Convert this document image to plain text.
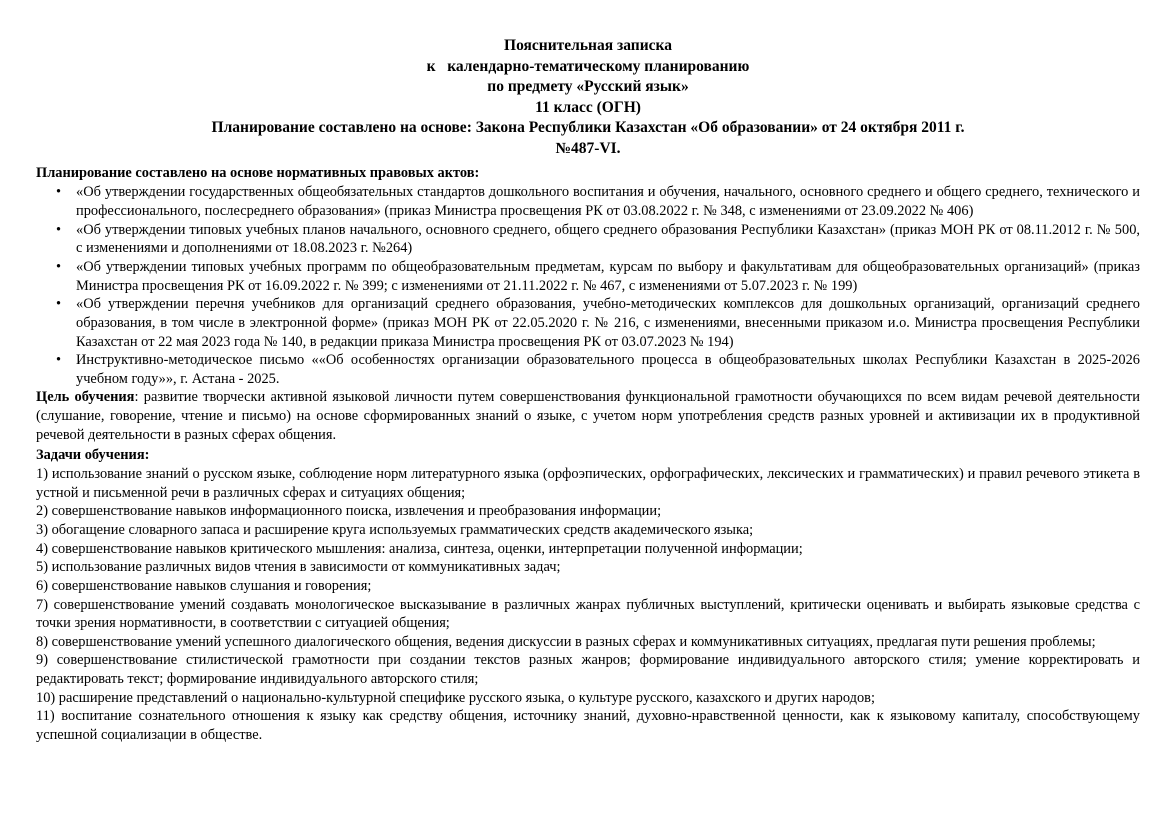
Пояснительная записка
к   календарно-тематическому планированию
по предмету «Русский язык»
11 класс (ОГН)
Планирование составлено на основе: Закона Республики Казахстан «Об образовании» от 24 октября 2011 г.
№487-VI.
Планирование составлено на основе нормативных правовых актов:
• «Об утверждении государственных общеобязательных стандартов дошкольного воспитания и обучения, начального, основного среднего и общего среднего, технического и профессионального, послесреднего образования» (приказ Министра просвещения РК от 03.08.2022 г. № 348, с изменениями от 23.09.2022 № 406)
• «Об утверждении типовых учебных планов начального, основного среднего, общего среднего образования Республики Казахстан» (приказ МОН РК от 08.11.2012 г. № 500, с изменениями и дополнениями от 18.08.2023 г. №264)
• «Об утверждении типовых учебных программ по общеобразовательным предметам, курсам по выбору и факультативам для общеобразовательных организаций» (приказ Министра просвещения РК от 16.09.2022 г. № 399; с изменениями от 21.11.2022 г. № 467, с изменениями от 5.07.2023 г. № 199)
• «Об утверждении перечня учебников для организаций среднего образования, учебно-методических комплексов для дошкольных организаций, организаций среднего образования, в том числе в электронной форме» (приказ МОН РК от 22.05.2020 г. № 216, с изменениями, внесенными приказом и.о. Министра просвещения Республики Казахстан от 22 мая 2023 года № 140, в редакции приказа Министра просвещения РК от 03.07.2023 № 194)
• Инструктивно-методическое письмо ««Об особенностях организации образовательного процесса в общеобразовательных школах Республики Казахстан в 2025-2026 учебном году»», г. Астана - 2025.

Цель обучения: развитие творчески активной языковой личности путем совершенствования функциональной грамотности обучающихся по всем видам речевой деятельности (слушание, говорение, чтение и письмо) на основе сформированных знаний о языке, с учетом норм употребления средств разных уровней и активизации их в продуктивной речевой деятельности в разных сферах общения.

Задачи обучения:

1) использование знаний о русском языке, соблюдение норм литературного языка (орфоэпических, орфографических, лексических и грамматических) и правил речевого этикета в устной и письменной речи в различных сферах и ситуациях общения;

2) совершенствование навыков информационного поиска, извлечения и преобразования информации;

3) обогащение словарного запаса и расширение круга используемых грамматических средств академического языка;

4) совершенствование навыков критического мышления: анализа, синтеза, оценки, интерпретации полученной информации;

5) использование различных видов чтения в зависимости от коммуникативных задач;

6) совершенствование навыков слушания и говорения;

7) совершенствование умений создавать монологическое высказывание в различных жанрах публичных выступлений, критически оценивать и выбирать языковые средства с точки зрения нормативности, в соответствии с ситуацией общения;

8) совершенствование умений успешного диалогического общения, ведения дискуссии в разных сферах и коммуникативных ситуациях, предлагая пути решения проблемы;

9) совершенствование стилистической грамотности при создании текстов разных жанров; формирование индивидуального авторского стиля; умение корректировать и редактировать текст; формирование индивидуального авторского стиля;

10) расширение представлений о национально-культурной специфике русского языка, о культуре русского, казахского и других народов;

11) воспитание сознательного отношения к языку как средству общения, источнику знаний, духовно-нравственной ценности, как к языковому капиталу, способствующему успешной социализации в обществе.
